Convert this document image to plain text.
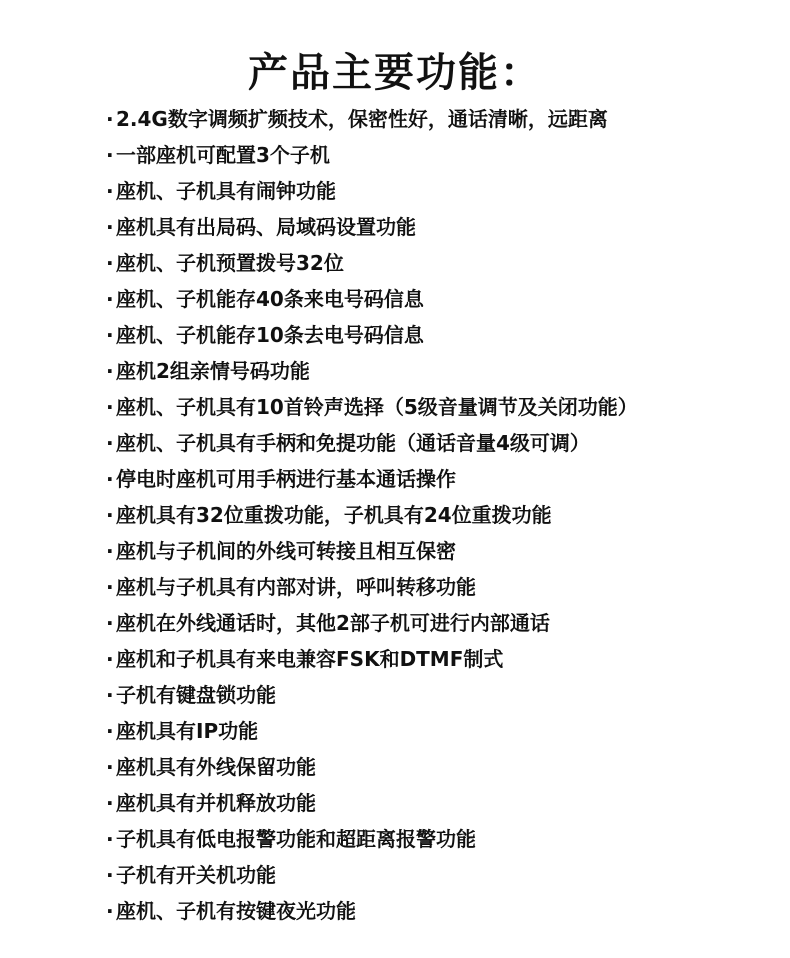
产品主要功能：
· 2.4G数字调频扩频技术，保密性好，通话清晰，远距离
· 一部座机可配置3个子机
· 座机、子机具有闹钟功能
· 座机具有出局码、局域码设置功能
· 座机、子机预置拨号32位
· 座机、子机能存40条来电号码信息
· 座机、子机能存10条去电号码信息
· 座机2组亲情号码功能
· 座机、子机具有10首铃声选择（5级音量调节及关闭功能）
· 座机、子机具有手柄和免提功能（通话音量4级可调）
· 停电时座机可用手柄进行基本通话操作
· 座机具有32位重拨功能，子机具有24位重拨功能
· 座机与子机间的外线可转接且相互保密
· 座机与子机具有内部对讲，呼叫转移功能
· 座机在外线通话时，其他2部子机可进行内部通话
· 座机和子机具有来电兼容FSK和DTMF制式
· 子机有键盘锁功能
· 座机具有IP功能
· 座机具有外线保留功能
· 座机具有并机释放功能
· 子机具有低电报警功能和超距离报警功能
· 子机有开关机功能
· 座机、子机有按键夜光功能
